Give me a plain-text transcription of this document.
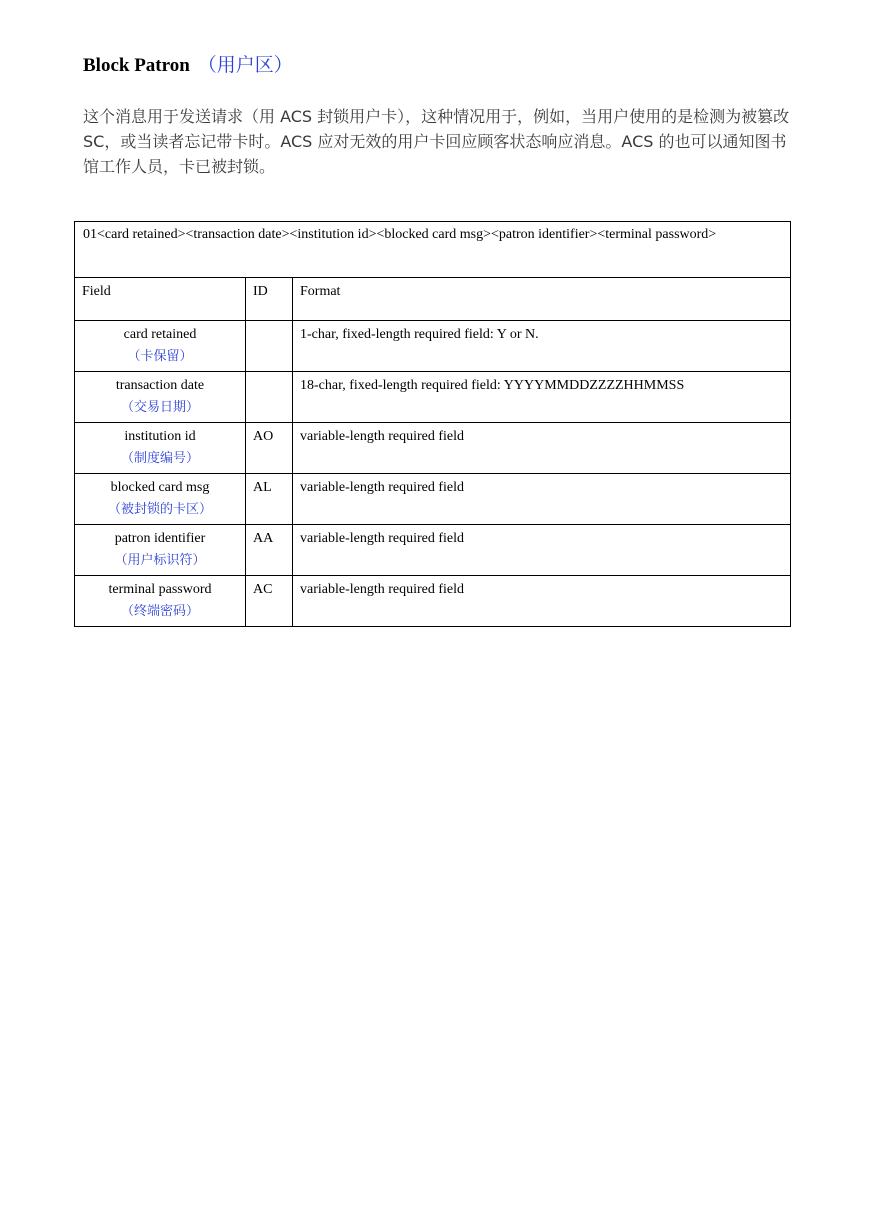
Block Patron （用户区）
这个消息用于发送请求（用 ACS 封锁用户卡），这种情况用于，例如，当用户使用的是检测为被篡改 SC，或当读者忘记带卡时。ACS 应对无效的用户卡回应顾客状态响应消息。ACS 的也可以通知图书馆工作人员，卡已被封锁。
01<card retained><transaction date><institution id><blocked card msg><patron identifier><terminal password>		
Field	ID	Format
card retained
（卡保留）		1-char, fixed-length required field: Y or N.
transaction date
（交易日期）		18-char, fixed-length required field: YYYYMMDDZZZZHHMMSS
institution id
（制度编号）	AO	variable-length required field
blocked card msg
（被封锁的卡区）	AL	variable-length required field
patron identifier
（用户标识符）	AA	variable-length required field
terminal password
（终端密码）	AC	variable-length required field
